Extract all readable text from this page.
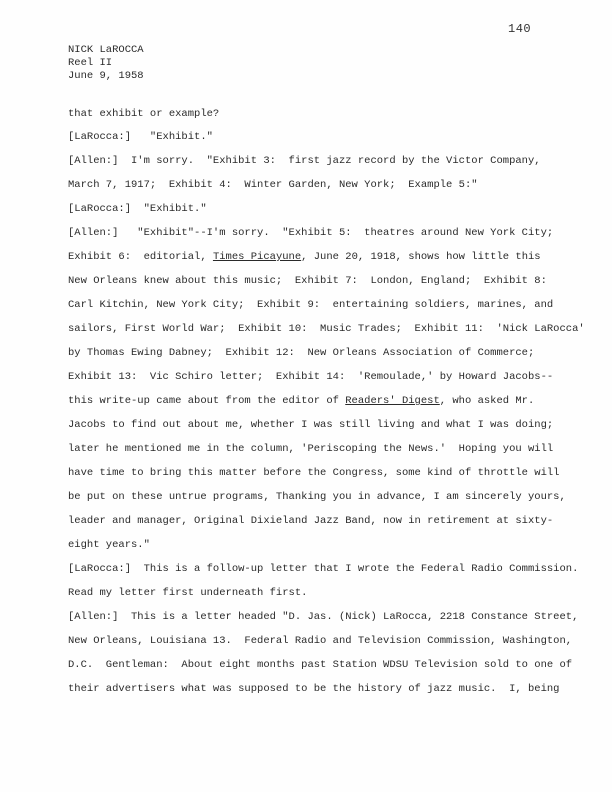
140
NICK LaROCCA
Reel II
June 9, 1958
that exhibit or example?
[LaRocca:]   "Exhibit."
[Allen:]  I'm sorry.  "Exhibit 3:  first jazz record by the Victor Company,
March 7, 1917;  Exhibit 4:  Winter Garden, New York;  Example 5:"
[LaRocca:]  "Exhibit."
[Allen:]   "Exhibit"--I'm sorry.  "Exhibit 5:  theatres around New York City;
Exhibit 6:  editorial, Times Picayune, June 20, 1918, shows how little this
New Orleans knew about this music;  Exhibit 7:  London, England;  Exhibit 8:
Carl Kitchin, New York City;  Exhibit 9:  entertaining soldiers, marines, and
sailors, First World War;  Exhibit 10:  Music Trades;  Exhibit 11:  'Nick LaRocca'
by Thomas Ewing Dabney;  Exhibit 12:  New Orleans Association of Commerce;
Exhibit 13:  Vic Schiro letter;  Exhibit 14:  'Remoulade,' by Howard Jacobs--
this write-up came about from the editor of Readers' Digest, who asked Mr.
Jacobs to find out about me, whether I was still living and what I was doing;
later he mentioned me in the column, 'Periscoping the News.'  Hoping you will
have time to bring this matter before the Congress, some kind of throttle will
be put on these untrue programs, Thanking you in advance, I am sincerely yours,
leader and manager, Original Dixieland Jazz Band, now in retirement at sixty-
eight years."
[LaRocca:]  This is a follow-up letter that I wrote the Federal Radio Commission.
Read my letter first underneath first.
[Allen:]  This is a letter headed "D. Jas. (Nick) LaRocca, 2218 Constance Street,
New Orleans, Louisiana 13.  Federal Radio and Television Commission, Washington,
D.C.  Gentleman:  About eight months past Station WDSU Television sold to one of
their advertisers what was supposed to be the history of jazz music.  I, being
